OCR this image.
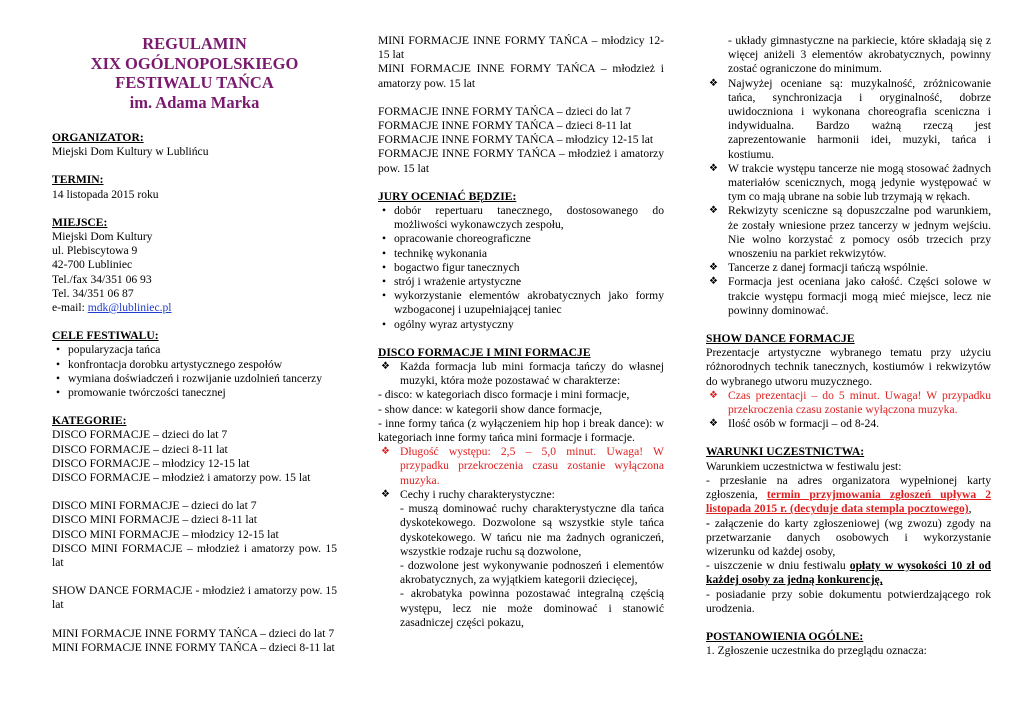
REGULAMIN
XIX OGÓLNOPOLSKIEGO
FESTIWALU TAŃCA
im. Adama Marka
ORGANIZATOR:
Miejski Dom Kultury w Lublińcu
TERMIN:
14 listopada 2015 roku
MIEJSCE:
Miejski Dom Kultury
ul. Plebiscytowa 9
42-700 Lubliniec
Tel./fax 34/351 06 93
Tel. 34/351 06 87
e-mail: mdk@lubliniec.pl
CELE FESTIWALU:
• popularyzacja tańca
• konfrontacja dorobku artystycznego zespołów
• wymiana doświadczeń i rozwijanie uzdolnień tancerzy
• promowanie twórczości tanecznej
KATEGORIE:
DISCO FORMACJE – dzieci do lat 7
DISCO FORMACJE – dzieci 8-11 lat
DISCO FORMACJE – młodzicy 12-15 lat
DISCO FORMACJE – młodzież i amatorzy pow. 15 lat
DISCO MINI FORMACJE – dzieci do lat 7
DISCO MINI FORMACJE – dzieci 8-11 lat
DISCO MINI FORMACJE – młodzicy 12-15 lat
DISCO MINI FORMACJE – młodzież i amatorzy pow. 15 lat
SHOW DANCE FORMACJE - młodzież i amatorzy pow. 15 lat
MINI FORMACJE INNE FORMY TAŃCA – dzieci do lat 7
MINI FORMACJE INNE FORMY TAŃCA – dzieci 8-11 lat
MINI FORMACJE INNE FORMY TAŃCA – młodzicy 12-15 lat
MINI FORMACJE INNE FORMY TAŃCA – młodzież i amatorzy pow. 15 lat
FORMACJE INNE FORMY TAŃCA – dzieci do lat 7
FORMACJE INNE FORMY TAŃCA – dzieci 8-11 lat
FORMACJE INNE FORMY TAŃCA – młodzicy 12-15 lat
FORMACJE INNE FORMY TAŃCA – młodzież i amatorzy pow. 15 lat
JURY OCENIAĆ BĘDZIE:
• dobór repertuaru tanecznego, dostosowanego do możliwości wykonawczych zespołu,
• opracowanie choreograficzne
• technikę wykonania
• bogactwo figur tanecznych
• strój i wrażenie artystyczne
• wykorzystanie elementów akrobatycznych jako formy wzbogaconej i uzupełniającej taniec
• ogólny wyraz artystyczny
DISCO FORMACJE I MINI FORMACJE
❖ Każda formacja lub mini formacja tańczy do własnej muzyki, która może pozostawać w charakterze:
- disco: w kategoriach disco formacje i mini formacje,
- show dance: w kategorii show dance formacje,
- inne formy tańca (z wyłączeniem hip hop i break dance): w kategoriach inne formy tańca mini formacje i formacje.
❖ Długość występu: 2,5 – 5,0 minut. Uwaga! W przypadku przekroczenia czasu zostanie wyłączona muzyka.
❖ Cechy i ruchy charakterystyczne:
- muszą dominować ruchy charakterystyczne dla tańca dyskotekowego. Dozwolone są wszystkie style tańca dyskotekowego. W tańcu nie ma żadnych ograniczeń, wszystkie rodzaje ruchu są dozwolone,
- dozwolone jest wykonywanie podnoszeń i elementów akrobatycznych, za wyjątkiem kategorii dziecięcej,
- akrobatyka powinna pozostawać integralną częścią występu, lecz nie może dominować i stanowić zasadniczej części pokazu,
- układy gimnastyczne na parkiecie, które składają się z więcej aniżeli 3 elementów akrobatycznych, powinny zostać ograniczone do minimum.
❖ Najwyżej oceniane są: muzykalność, zróżnicowanie tańca, synchronizacja i oryginalność, dobrze uwidoczniona i wykonana choreografia sceniczna i indywidualna. Bardzo ważną rzeczą jest zaprezentowanie harmonii idei, muzyki, tańca i kostiumu.
❖ W trakcie występu tancerze nie mogą stosować żadnych materiałów scenicznych, mogą jedynie występować w tym co mają ubrane na sobie lub trzymają w rękach.
❖ Rekwizyty sceniczne są dopuszczalne pod warunkiem, że zostały wniesione przez tancerzy w jednym wejściu. Nie wolno korzystać z pomocy osób trzecich przy wnoszeniu na parkiet rekwizytów.
❖ Tancerze z danej formacji tańczą wspólnie.
❖ Formacja jest oceniana jako całość. Części solowe w trakcie występu formacji mogą mieć miejsce, lecz nie powinny dominować.
SHOW DANCE FORMACJE
Prezentacje artystyczne wybranego tematu przy użyciu różnorodnych technik tanecznych, kostiumów i rekwizytów do wybranego utworu muzycznego.
❖ Czas prezentacji – do 5 minut. Uwaga! W przypadku przekroczenia czasu zostanie wyłączona muzyka.
❖ Ilość osób w formacji – od 8-24.
WARUNKI UCZESTNICTWA:
Warunkiem uczestnictwa w festiwalu jest:
- przesłanie na adres organizatora wypełnionej karty zgłoszenia, termin przyjmowania zgłoszeń upływa 2 listopada 2015 r. (decyduje data stempla pocztowego),
- załączenie do karty zgłoszeniowej (wg zwozu) zgody na przetwarzanie danych osobowych i wykorzystanie wizerunku od każdej osoby,
- uiszczenie w dniu festiwalu opłaty w wysokości 10 zł od każdej osoby za jedną konkurencję,
- posiadanie przy sobie dokumentu potwierdzającego rok urodzenia.
POSTANOWIENIA OGÓLNE:
1. Zgłoszenie uczestnika do przeglądu oznacza:
